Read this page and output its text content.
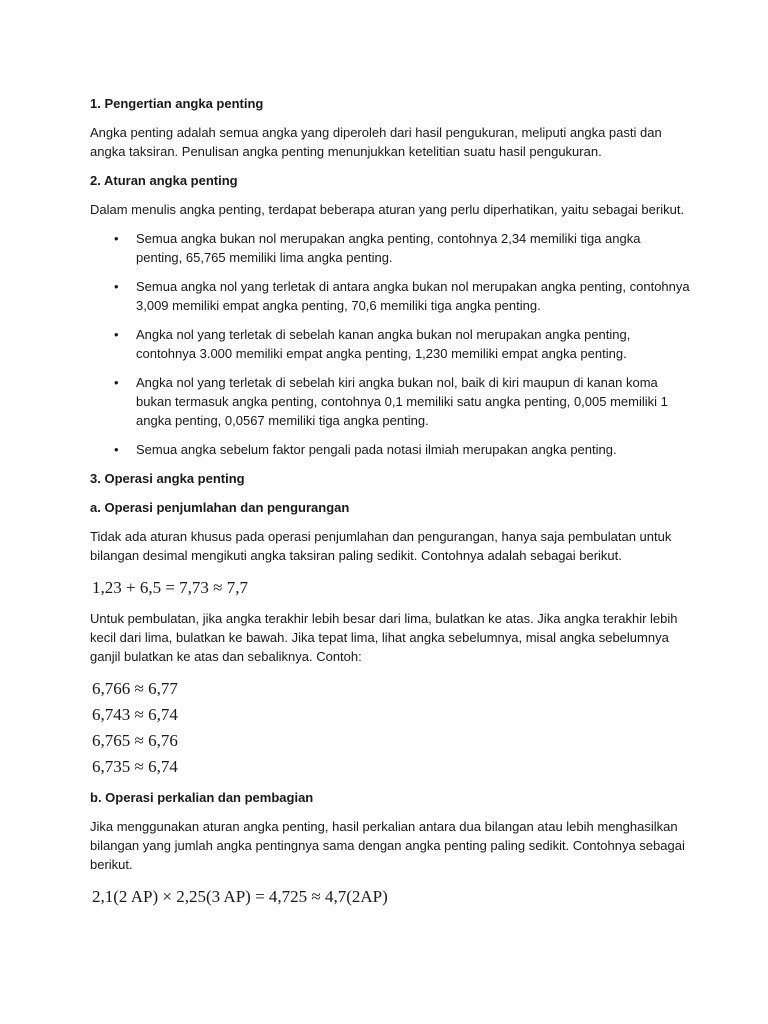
1. Pengertian angka penting

Angka penting adalah semua angka yang diperoleh dari hasil pengukuran, meliputi angka pasti dan angka taksiran. Penulisan angka penting menunjukkan ketelitian suatu hasil pengukuran.

2. Aturan angka penting

Dalam menulis angka penting, terdapat beberapa aturan yang perlu diperhatikan, yaitu sebagai berikut.

• Semua angka bukan nol merupakan angka penting, contohnya 2,34 memiliki tiga angka penting, 65,765 memiliki lima angka penting.
• Semua angka nol yang terletak di antara angka bukan nol merupakan angka penting, contohnya 3,009 memiliki empat angka penting, 70,6 memiliki tiga angka penting.
• Angka nol yang terletak di sebelah kanan angka bukan nol merupakan angka penting, contohnya 3.000 memiliki empat angka penting, 1,230 memiliki empat angka penting.
• Angka nol yang terletak di sebelah kiri angka bukan nol, baik di kiri maupun di kanan koma bukan termasuk angka penting, contohnya 0,1 memiliki satu angka penting, 0,005 memiliki 1 angka penting, 0,0567 memiliki tiga angka penting.
• Semua angka sebelum faktor pengali pada notasi ilmiah merupakan angka penting.

3. Operasi angka penting

a. Operasi penjumlahan dan pengurangan

Tidak ada aturan khusus pada operasi penjumlahan dan pengurangan, hanya saja pembulatan untuk bilangan desimal mengikuti angka taksiran paling sedikit. Contohnya adalah sebagai berikut.

1,23 + 6,5 = 7,73 ≈ 7,7

Untuk pembulatan, jika angka terakhir lebih besar dari lima, bulatkan ke atas. Jika angka terakhir lebih kecil dari lima, bulatkan ke bawah. Jika tepat lima, lihat angka sebelumnya, misal angka sebelumnya ganjil bulatkan ke atas dan sebaliknya. Contoh:

6,766 ≈ 6,77
6,743 ≈ 6,74
6,765 ≈ 6,76
6,735 ≈ 6,74

b. Operasi perkalian dan pembagian

Jika menggunakan aturan angka penting, hasil perkalian antara dua bilangan atau lebih menghasilkan bilangan yang jumlah angka pentingnya sama dengan angka penting paling sedikit. Contohnya sebagai berikut.

2,1(2 AP) × 2,25(3 AP) = 4,725 ≈ 4,7(2AP)
